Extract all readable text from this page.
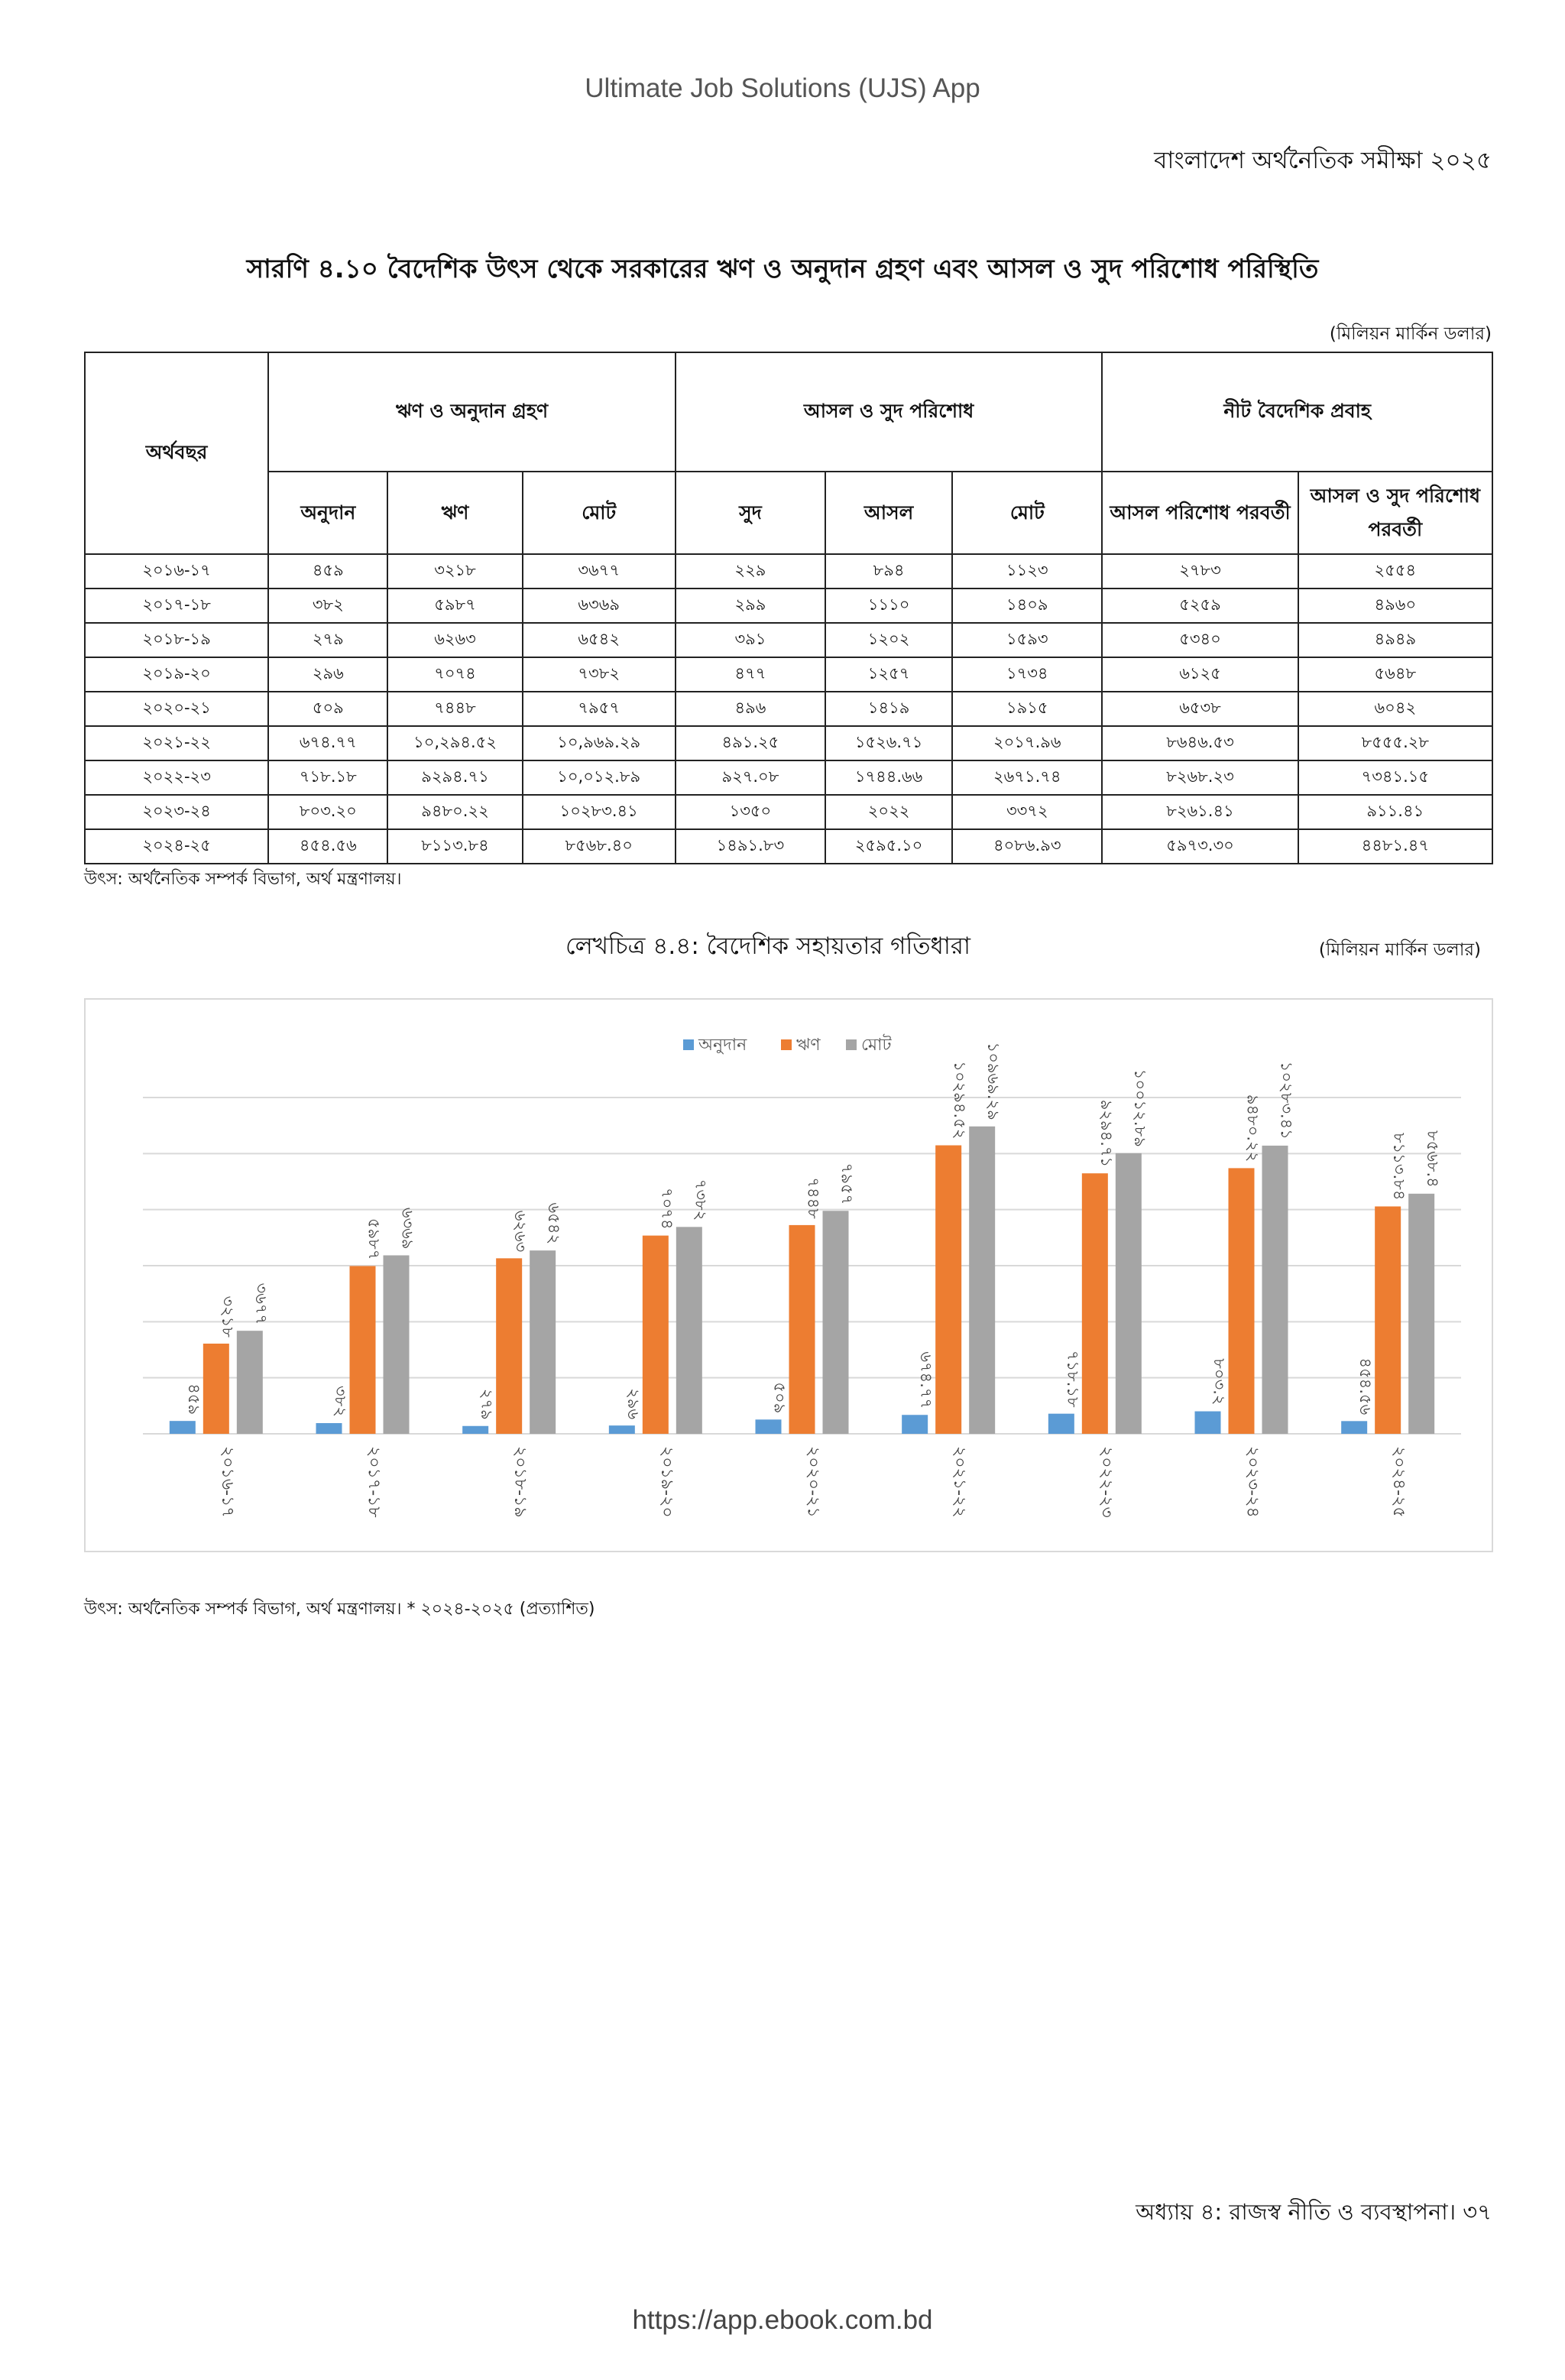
Ultimate Job Solutions (UJS) App
বাংলাদেশ অর্থনৈতিক সমীক্ষা ২০২৫
সারণি ৪.১০ বৈদেশিক উৎস থেকে সরকারের ঋণ ও অনুদান গ্রহণ এবং আসল ও সুদ পরিশোধ পরিস্থিতি
(মিলিয়ন মার্কিন ডলার)
অর্থবছর	ঋণ ও অনুদান গ্রহণ			আসল ও সুদ পরিশোধ			নীট বৈদেশিক প্রবাহ	
	অনুদান	ঋণ	মোট	সুদ	আসল	মোট	আসল পরিশোধ পরবর্তী	আসল ও সুদ পরিশোধ পরবর্তী
২০১৬-১৭	৪৫৯	৩২১৮	৩৬৭৭	২২৯	৮৯৪	১১২৩	২৭৮৩	২৫৫৪
২০১৭-১৮	৩৮২	৫৯৮৭	৬৩৬৯	২৯৯	১১১০	১৪০৯	৫২৫৯	৪৯৬০
২০১৮-১৯	২৭৯	৬২৬৩	৬৫৪২	৩৯১	১২০২	১৫৯৩	৫৩৪০	৪৯৪৯
২০১৯-২০	২৯৬	৭০৭৪	৭৩৮২	৪৭৭	১২৫৭	১৭৩৪	৬১২৫	৫৬৪৮
২০২০-২১	৫০৯	৭৪৪৮	৭৯৫৭	৪৯৬	১৪১৯	১৯১৫	৬৫৩৮	৬০৪২
২০২১-২২	৬৭৪.৭৭	১০,২৯৪.৫২	১০,৯৬৯.২৯	৪৯১.২৫	১৫২৬.৭১	২০১৭.৯৬	৮৬৪৬.৫৩	৮৫৫৫.২৮
২০২২-২৩	৭১৮.১৮	৯২৯৪.৭১	১০,০১২.৮৯	৯২৭.০৮	১৭৪৪.৬৬	২৬৭১.৭৪	৮২৬৮.২৩	৭৩৪১.১৫
২০২৩-২৪	৮০৩.২০	৯৪৮০.২২	১০২৮৩.৪১	১৩৫০	২০২২	৩৩৭২	৮২৬১.৪১	৯১১.৪১
২০২৪-২৫	৪৫৪.৫৬	৮১১৩.৮৪	৮৫৬৮.৪০	১৪৯১.৮৩	২৫৯৫.১০	৪০৮৬.৯৩	৫৯৭৩.৩০	৪৪৮১.৪৭
উৎস: অর্থনৈতিক সম্পর্ক বিভাগ, অর্থ মন্ত্রণালয়।
লেখচিত্র ৪.৪: বৈদেশিক সহায়তার গতিধারা	(মিলিয়ন মার্কিন ডলার)
অনুদান	ঋণ মোট
৪৫৯
৩২১৮ ৩৬৭৭
২০১৬-১৭
৩৮২
৫৯৮৭ ৬৩৬৯
২০১৭-১৮
২৭৯
৬২৬৩ ৬৫৪২
২০১৮-১৯
২৯৬
৭০৭৪ ৭৩৮২
২০১৯-২০
৫০৯
৭৪৪৮ ৭৯৫৭
২০২০-২১
৬৭৪.৭৭
১০২৯৪.৫২ ১০৯৬৯.২৯
২০২১-২২
৭১৮.১৮
৯২৯৪.৭১ ১০০১২.৮৯
২০২২-২৩
৮০৩.২
৯৪৮০.২২ ১০২৮৩.৪১
২০২৩-২৪
৪৫৪.৫৬
৮১১৩.৮৪ ৮৫৬৮.৪
২০২৪-২৫
উৎস: অর্থনৈতিক সম্পর্ক বিভাগ, অর্থ মন্ত্রণালয়। * ২০২৪-২০২৫ (প্রত্যাশিত)
অধ্যায় ৪: রাজস্ব নীতি ও ব্যবস্থাপনা। ৩৭
https://app.ebook.com.bd
